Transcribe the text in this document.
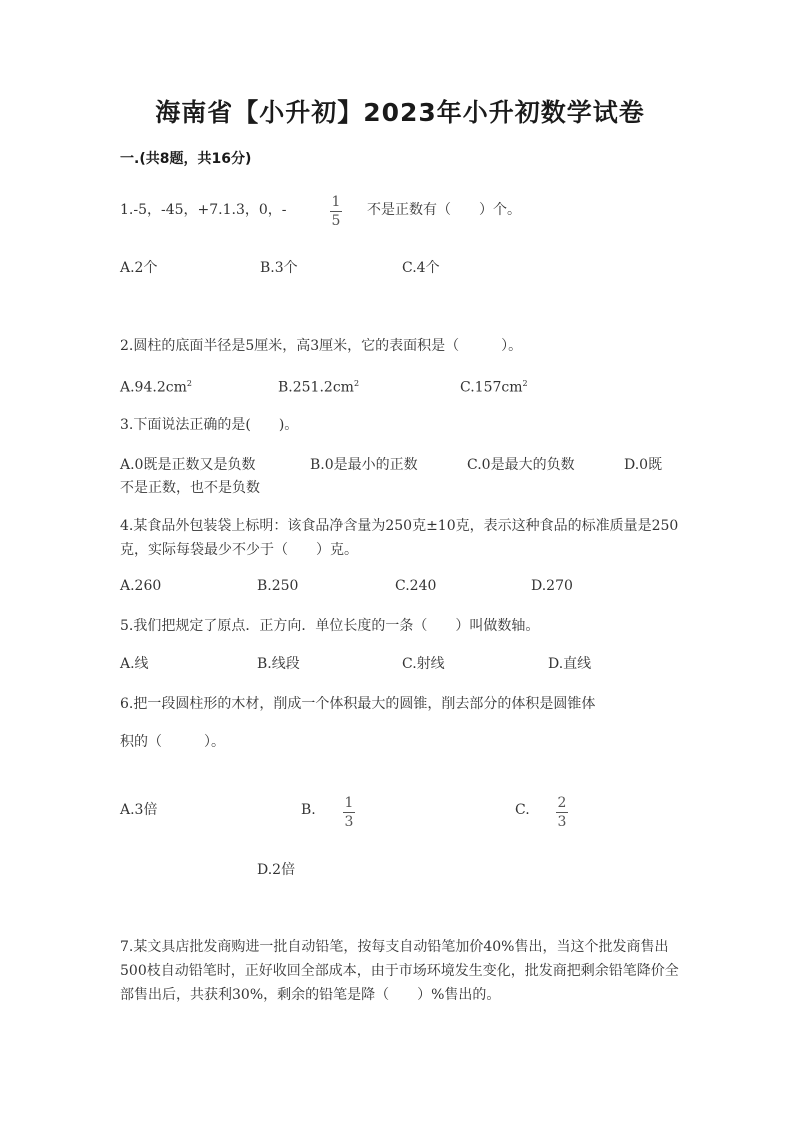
海南省【小升初】2023年小升初数学试卷
一.(共8题，共16分)
1.-5，-45，+7.1.3，0，-	1
5
不是正数有（　　）个。
A.2个	B.3个	C.4个
2.圆柱的底面半径是5厘米，高3厘米，它的表面积是（　　　）。
$A.94.2cm^2$	$B.251.2cm^2$	$C.157cm^2$
3.下面说法正确的是(　　)。
A.0既是正数又是负数	B.0是最小的正数	C.0是最大的负数	D.0既
不是正数，也不是负数
4.某食品外包装袋上标明：该食品净含量为250克±10克，表示这种食品的标准质量是250克，实际每袋最少不少于（　　）克。
A.260	B.250	C.240	D.270
5.我们把规定了原点．正方向．单位长度的一条（　　）叫做数轴。
A.线	B.线段	C.射线	D.直线
6.把一段圆柱形的木材，削成一个体积最大的圆锥，削去部分的体积是圆锥体
积的（　　　）。
A.3倍	B. 1
3
C. 2
3
D.2倍
7.某文具店批发商购进一批自动铅笔，按每支自动铅笔加价40%售出，当这个批发商售出500枝自动铅笔时，正好收回全部成本，由于市场环境发生变化，批发商把剩余铅笔降价全部售出后，共获利30%，剩余的铅笔是降（　　）%售出的。
